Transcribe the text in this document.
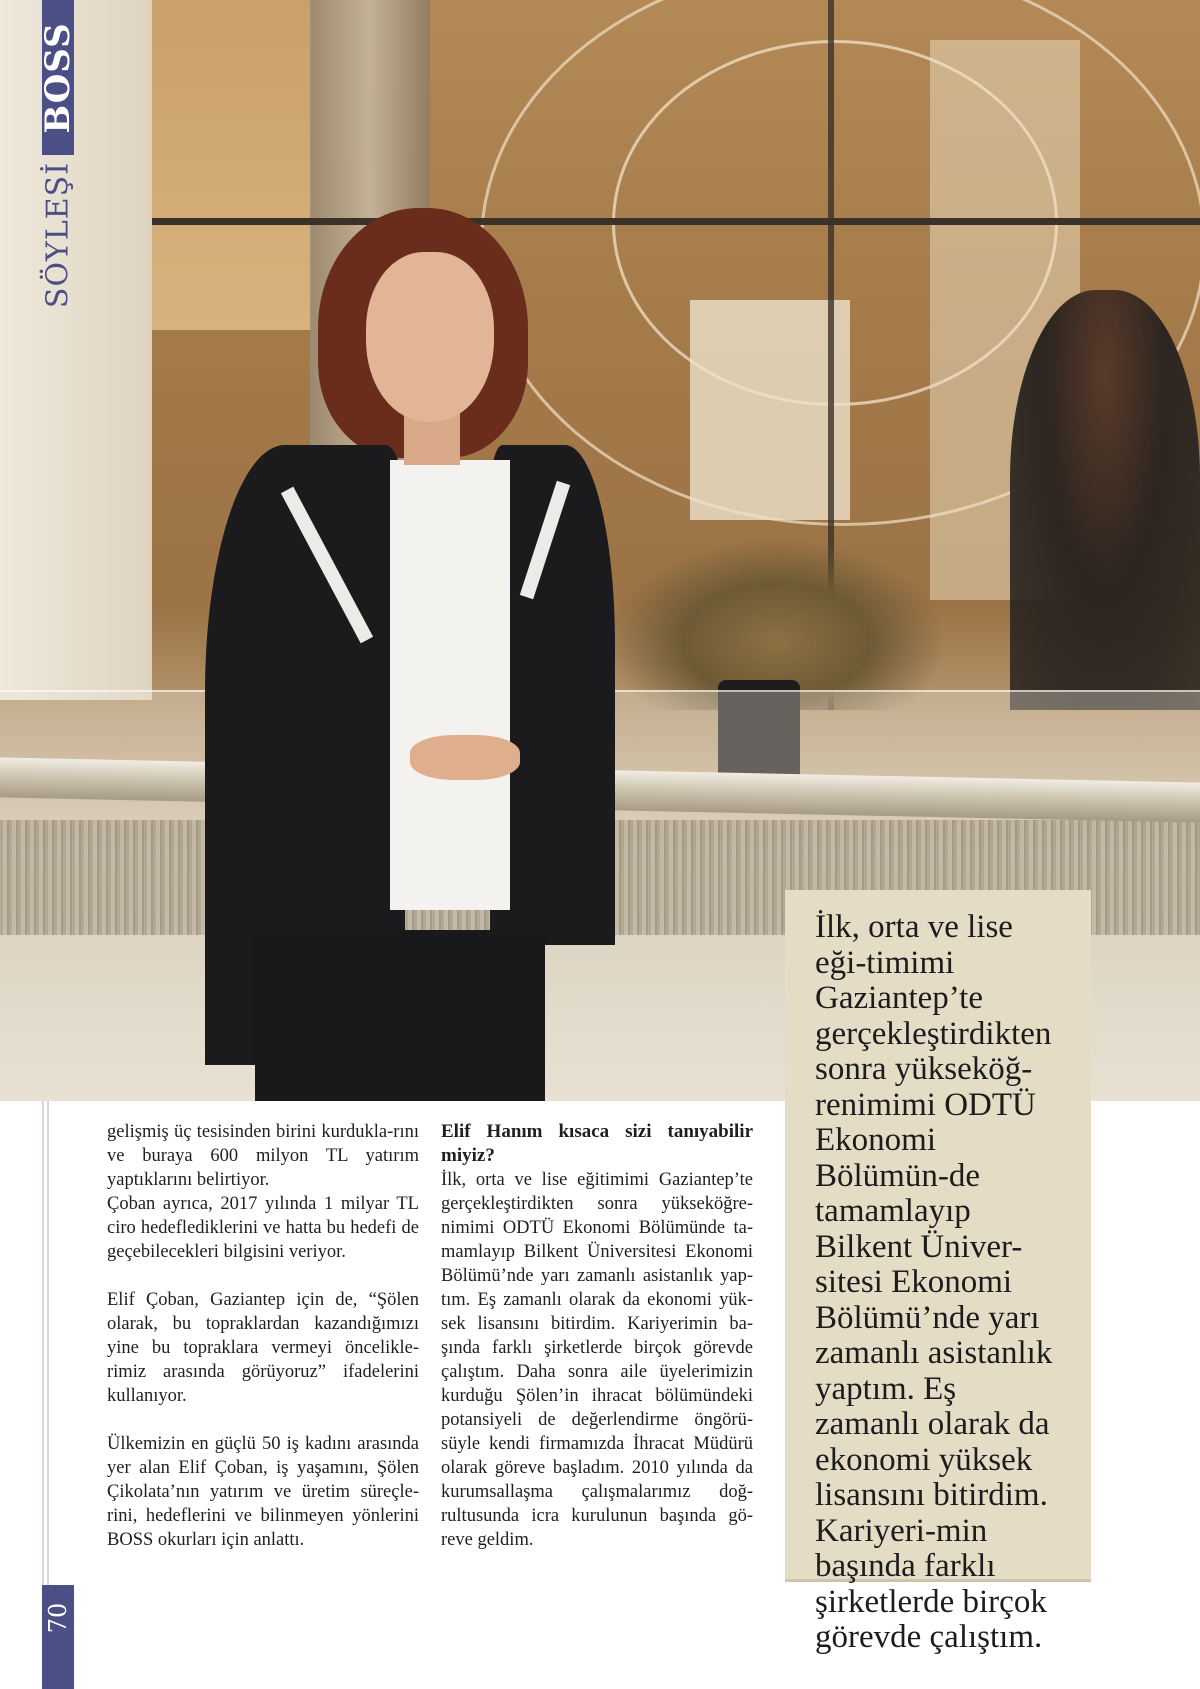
BOSS
SÖYLEŞİ
70

gelişmiş üç tesisinden birini kurdukla-rını ve buraya 600 milyon TL yatırım yaptıklarını belirtiyor.

Çoban ayrıca, 2017 yılında 1 milyar TL ciro hedeflediklerini ve hatta bu hedefi de geçebilecekleri bilgisini veriyor.

Elif Çoban, Gaziantep için de, “Şölen olarak, bu topraklardan kazandığımızı yine bu topraklara vermeyi öncelikle-rimiz arasında görüyoruz” ifadelerini kullanıyor.

Ülkemizin en güçlü 50 iş kadını arasında yer alan Elif Çoban, iş yaşamını, Şölen Çikolata’nın yatırım ve üretim süreçle-rini, hedeflerini ve bilinmeyen yönlerini BOSS okurları için anlattı.

Elif Hanım kısaca sizi tanıyabilir miyiz?

İlk, orta ve lise eğitimimi Gaziantep’te gerçekleştirdikten sonra yükseköğre-nimimi ODTÜ Ekonomi Bölümünde ta-mamlayıp Bilkent Üniversitesi Ekonomi Bölümü’nde yarı zamanlı asistanlık yap-tım. Eş zamanlı olarak da ekonomi yük-sek lisansını bitirdim. Kariyerimin ba-şında farklı şirketlerde birçok görevde çalıştım. Daha sonra aile üyelerimizin kurduğu Şölen’in ihracat bölümündeki potansiyeli de değerlendirme öngörü-süyle kendi firmamızda İhracat Müdürü olarak göreve başladım. 2010 yılında da kurumsallaşma çalışmalarımız doğ-rultusunda icra kurulunun başında gö-reve geldim.

İlk, orta ve lise eği-timimi Gaziantep’te gerçekleştirdikten sonra yükseköğ-renimimi ODTÜ Ekonomi Bölümün-de tamamlayıp Bilkent Üniver-sitesi Ekonomi Bölümü’nde yarı zamanlı asistanlık yaptım. Eş zamanlı olarak da ekonomi yüksek lisansını bitirdim. Kariyeri-min başında farklı şirketlerde birçok görevde çalıştım.
